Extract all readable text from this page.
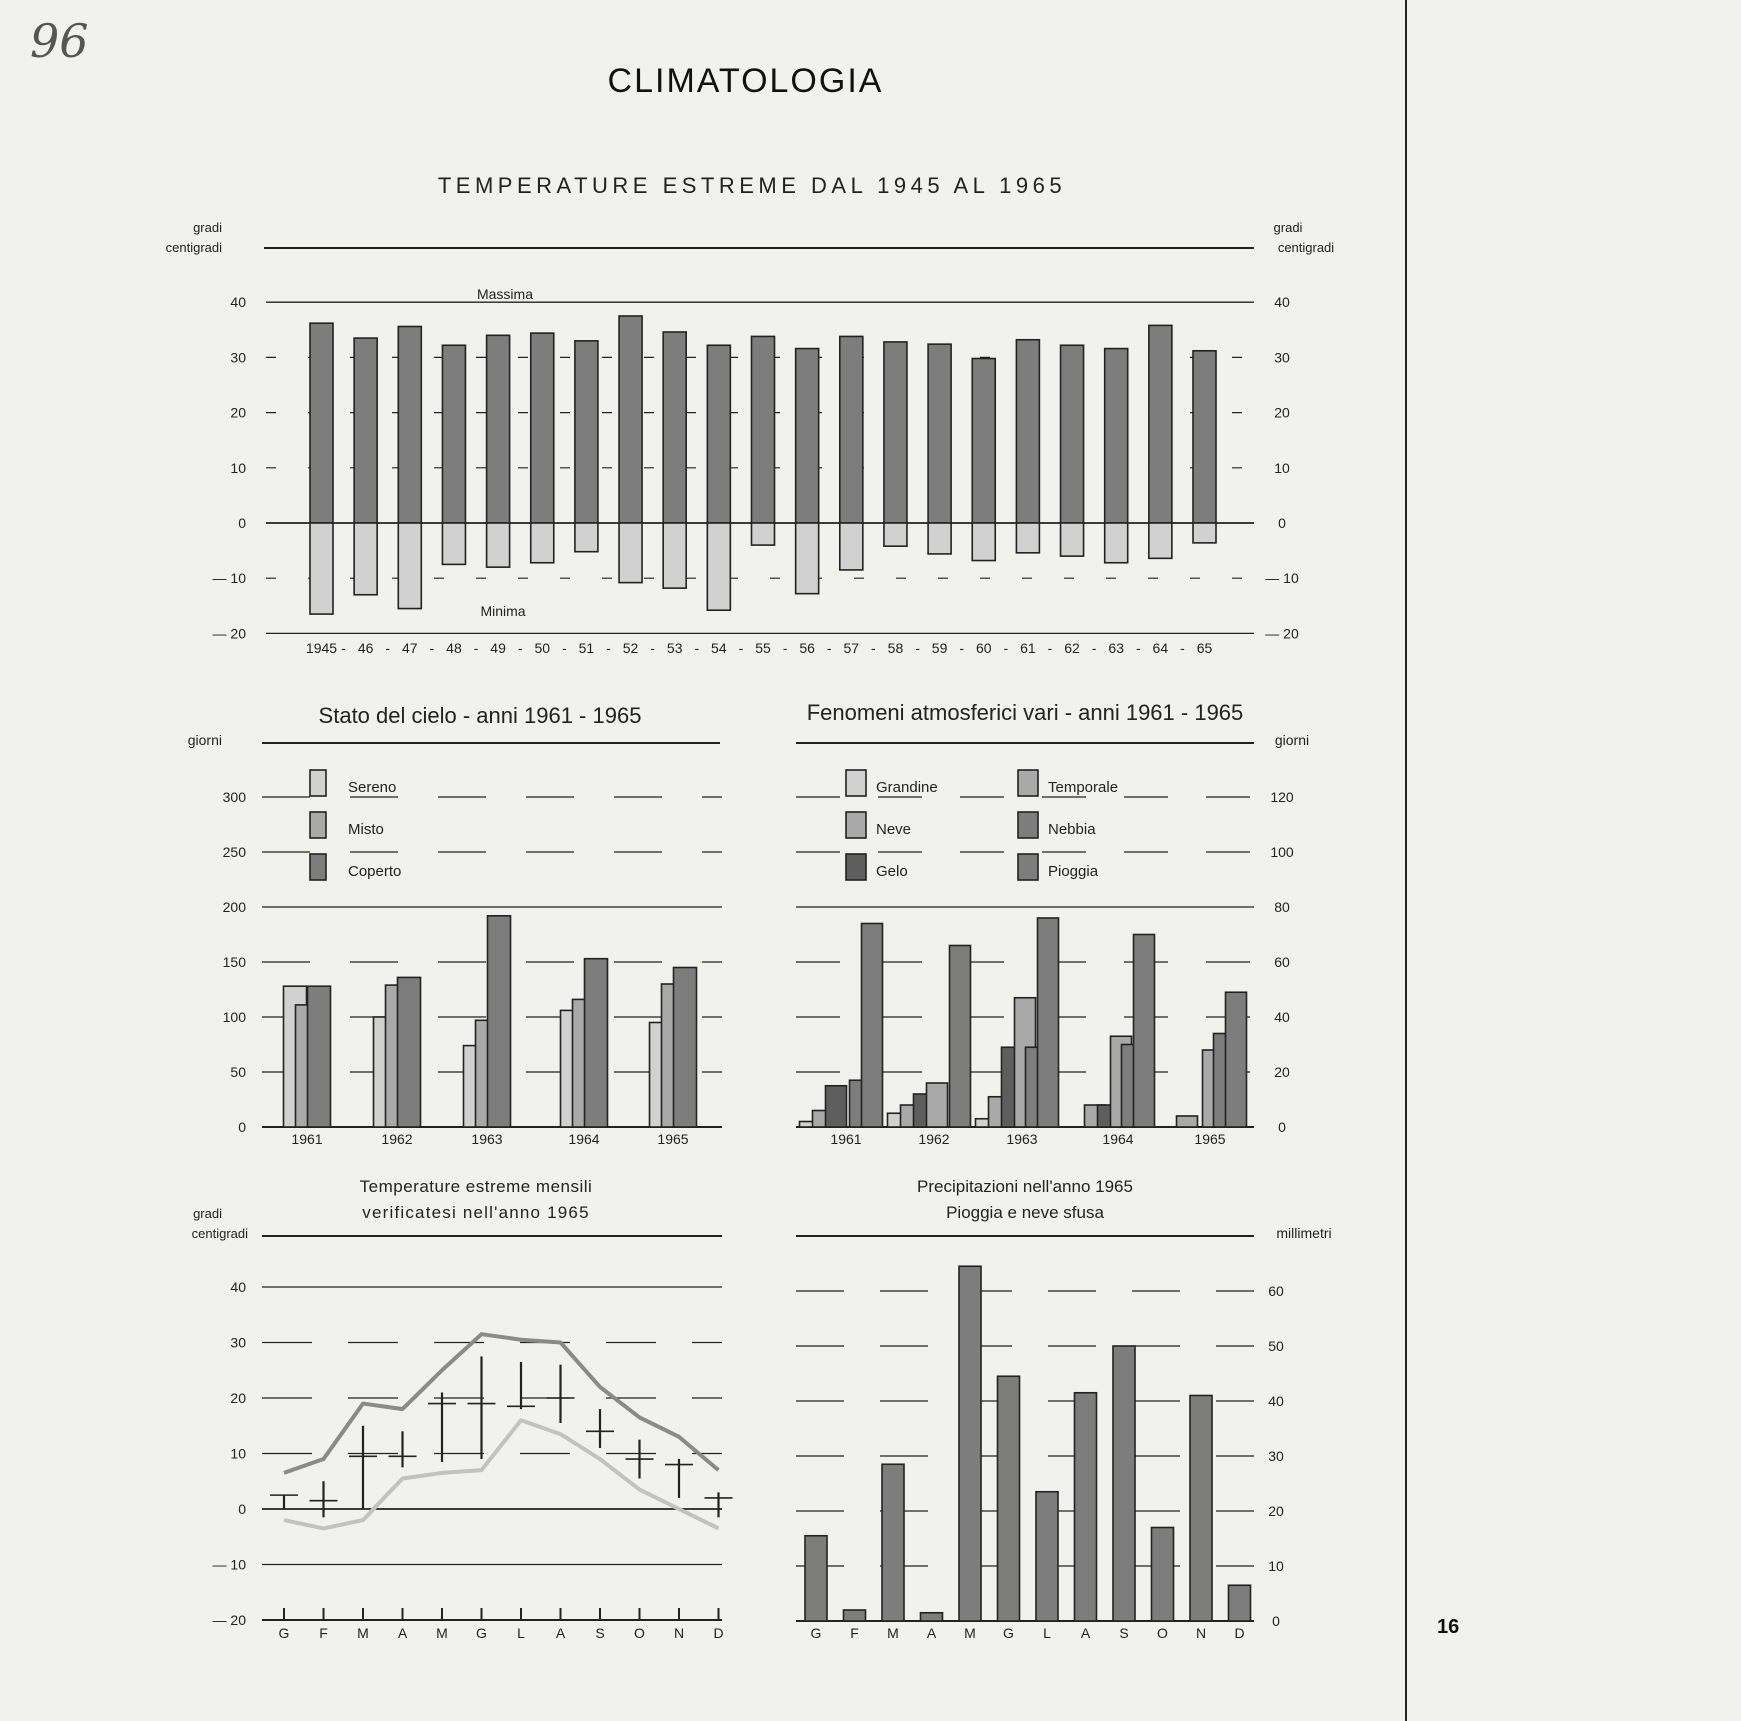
96
CLIMATOLOGIA
16
TEMPERATURE ESTREME DAL 1945 AL 1965
gradi
centigradi
gradi
centigradi
40	40
30	30
20	20
10	10
0	0
— 10	— 10
— 20	— 20
1945 - 46 - 47 - 48 - 49 - 50 - 51 - 52 - 53 - 54 - 55 - 56 - 57 - 58 - 59 - 60 - 61 - 62 - 63 - 64 - 65
Massima
Minima
Stato del cielo - anni 1961 - 1965
giorni
0
50
100
150
200
250
300
1961	1962	1963	1964	1965
Sereno
Misto
Coperto
Fenomeni atmosferici vari - anni 1961 - 1965
giorni
0
20
40
60
80
100
120
1961	1962	1963	1964	1965
Grandine
Neve
Gelo
Temporale
Nebbia
Pioggia
Temperature estreme mensili
verificatesi nell'anno 1965
gradi
centigradi
40
30
20
10
0
— 10
— 20
G F M A M G L A S O N D
Precipitazioni nell'anno 1965
Pioggia e neve sfusa
millimetri
0
10
20
30
40
50
60
G F M A M G L A S O N D
